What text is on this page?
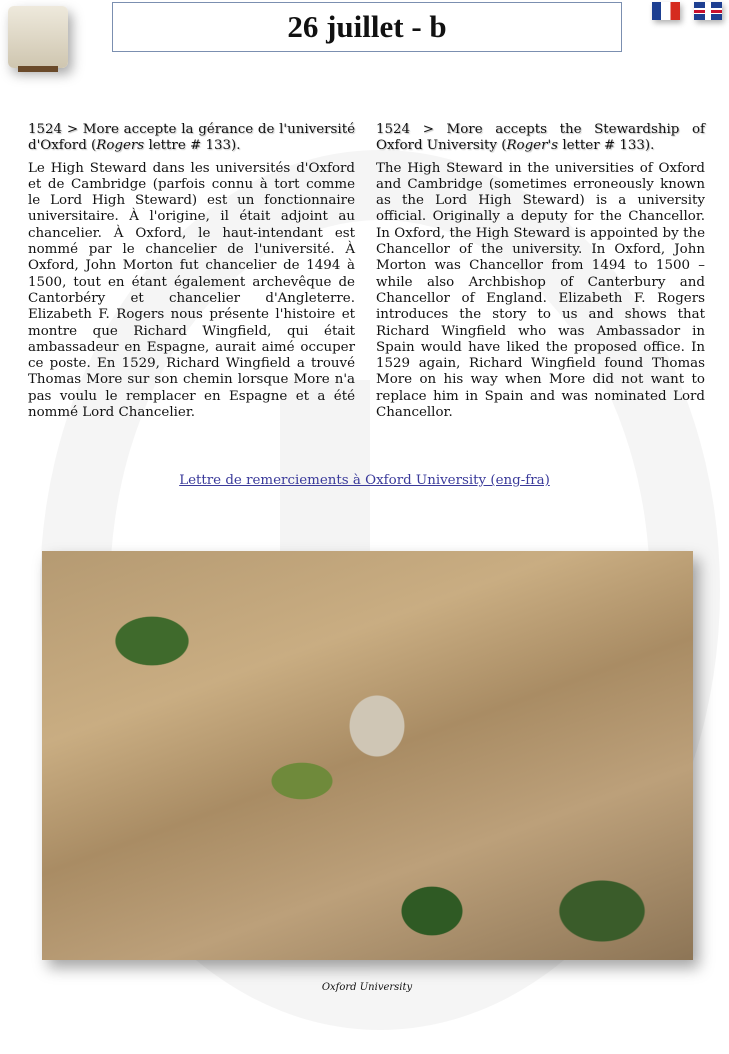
26 juillet - b

1524 > More accepte la gérance de l'université d'Oxford (Rogers lettre # 133).

Le High Steward dans les universités d'Oxford et de Cambridge (parfois connu à tort comme le Lord High Steward) est un fonctionnaire universitaire. À l'origine, il était adjoint au chancelier. À Oxford, le haut-intendant est nommé par le chancelier de l'université. À Oxford, John Morton fut chancelier de 1494 à 1500, tout en étant également archevêque de Cantorbéry et chancelier d'Angleterre. Elizabeth F. Rogers nous présente l'histoire et montre que Richard Wingfield, qui était ambassadeur en Espagne, aurait aimé occuper ce poste. En 1529, Richard Wingfield a trouvé Thomas More sur son chemin lorsque More n'a pas voulu le remplacer en Espagne et a été nommé Lord Chancelier.

1524 > More accepts the Stewardship of Oxford University (Roger's letter # 133).

The High Steward in the universities of Oxford and Cambridge (sometimes erroneously known as the Lord High Steward) is a university official. Originally a deputy for the Chancellor. In Oxford, the High Steward is appointed by the Chancellor of the university. In Oxford, John Morton was Chancellor from 1494 to 1500 – while also Archbishop of Canterbury and Chancellor of England. Elizabeth F. Rogers introduces the story to us and shows that Richard Wingfield who was Ambassador in Spain would have liked the proposed office. In 1529 again, Richard Wingfield found Thomas More on his way when More did not want to replace him in Spain and was nominated Lord Chancellor.

Lettre de remerciements à Oxford University (eng-fra)
Oxford University
